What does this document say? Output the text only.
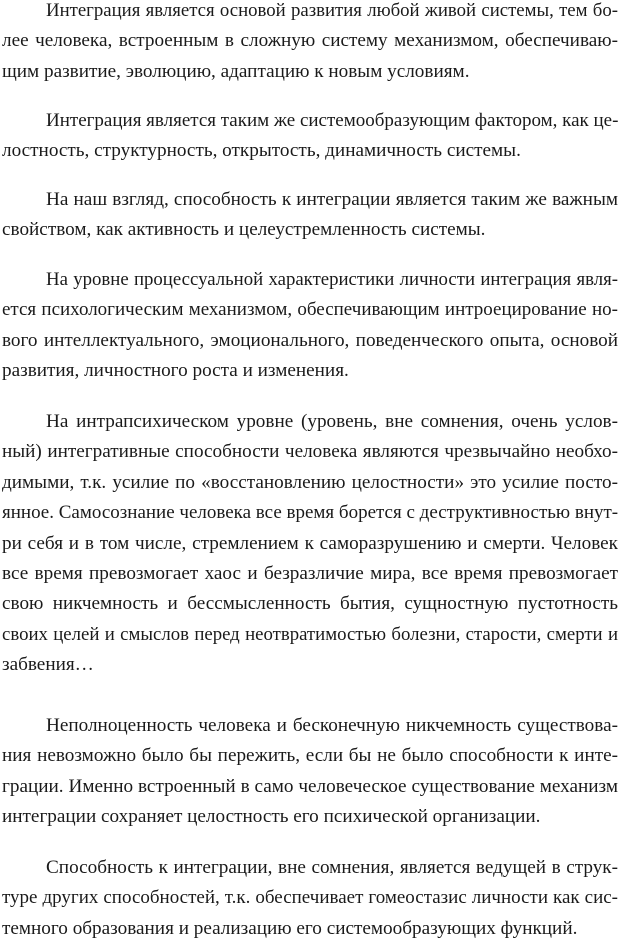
Интеграция является основой развития любой живой системы, тем бо-
лее человека, встроенным в сложную систему механизмом, обеспечиваю-
щим развитие, эволюцию, адаптацию к новым условиям.

Интеграция является таким же системообразующим фактором, как це-
лостность, структурность, открытость, динамичность системы.

На наш взгляд, способность к интеграции является таким же важным
свойством, как активность и целеустремленность системы.

На уровне процессуальной характеристики личности интеграция явля-
ется психологическим механизмом, обеспечивающим интроецирование но-
вого интеллектуального, эмоционального, поведенческого опыта, основой
развития, личностного роста и изменения.

На интрапсихическом уровне (уровень, вне сомнения, очень услов-
ный) интегративные способности человека являются чрезвычайно необхо-
димыми, т.к. усилие по «восстановлению целостности» это усилие посто-
янное. Самосознание человека все время борется с деструктивностью внут-
ри себя и в том числе, стремлением к саморазрушению и смерти. Человек
все время превозмогает хаос и безразличие мира, все время превозмогает
свою никчемность и бессмысленность бытия, сущностную пустотность
своих целей и смыслов перед неотвратимостью болезни, старости, смерти и
забвения…

Неполноценность человека и бесконечную никчемность существова-
ния невозможно было бы пережить, если бы не было способности к инте-
грации. Именно встроенный в само человеческое существование механизм
интеграции сохраняет целостность его психической организации.

Способность к интеграции, вне сомнения, является ведущей в струк-
туре других способностей, т.к. обеспечивает гомеостазис личности как сис-
темного образования и реализацию его системообразующих функций.
